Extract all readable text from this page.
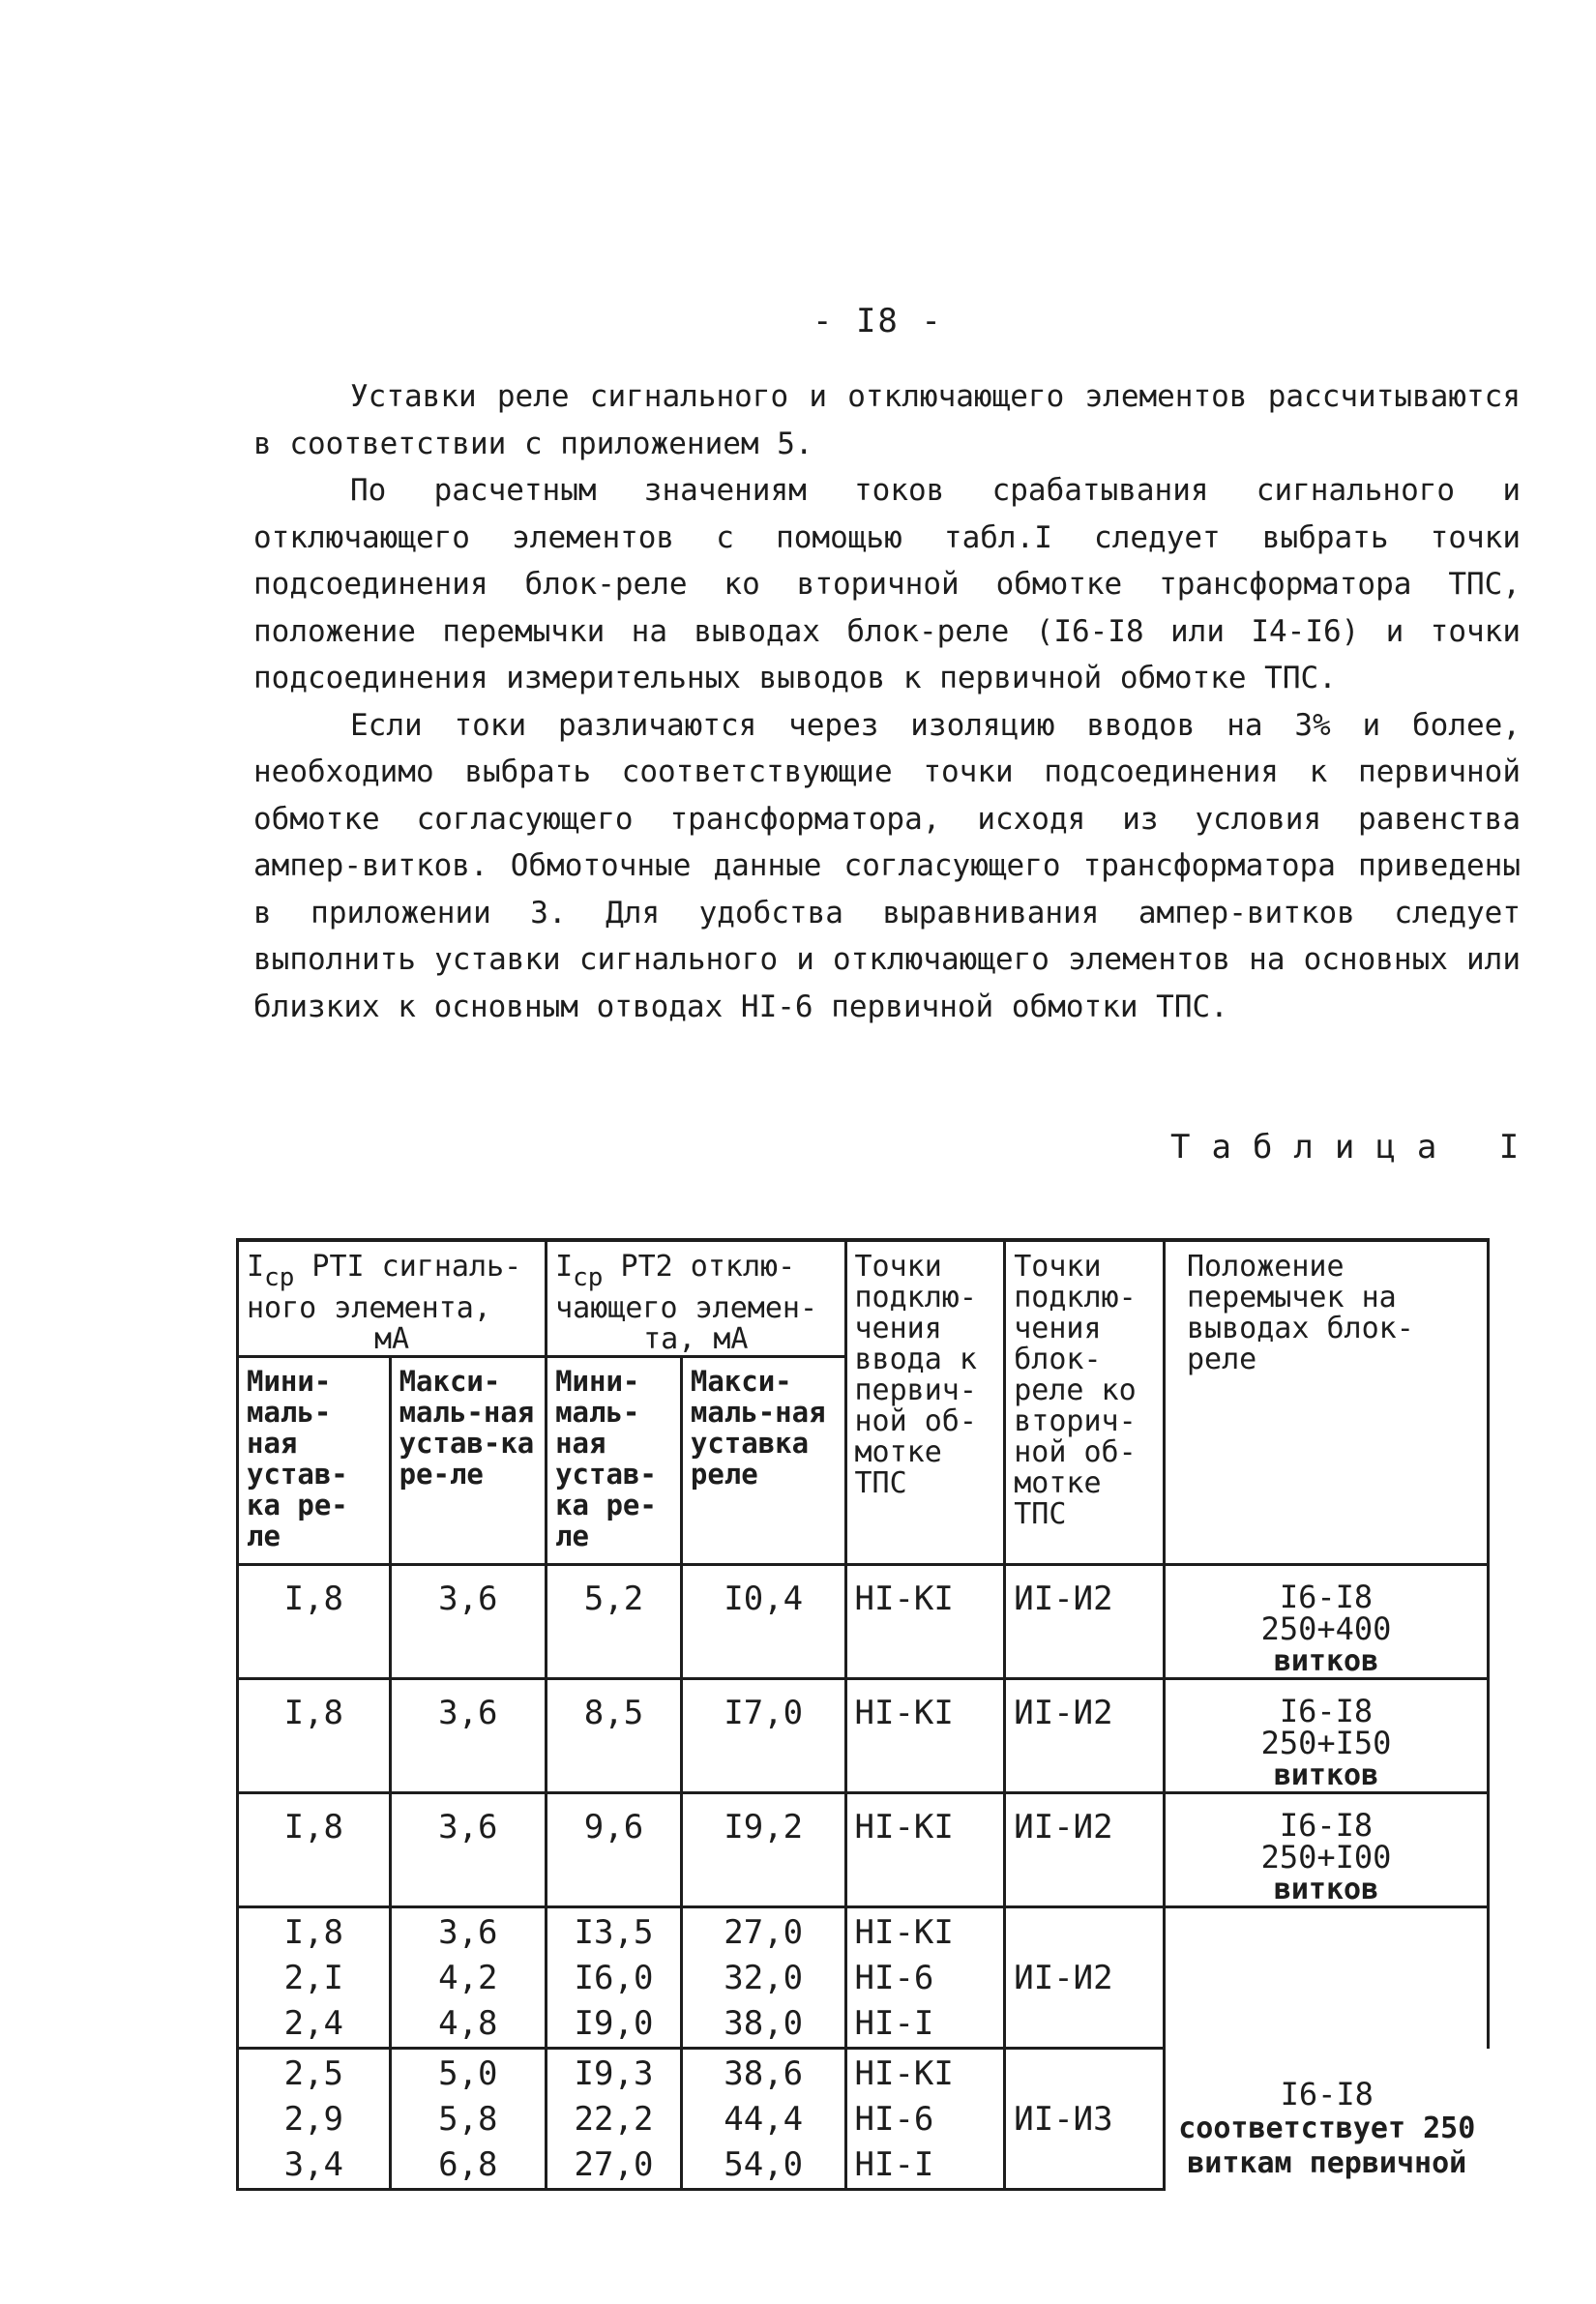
- I8 -

Уставки реле сигнального и отключающего элементов рассчитываются в соответствии с приложением 5.

По расчетным значениям токов срабатывания сигнального и отключающего элементов с помощью табл.I следует выбрать точки подсоединения блок-реле ко вторичной обмотке трансформатора ТПС, положение перемычки на выводах блок-реле (I6-I8 или I4-I6) и точки подсоединения измерительных выводов к первичной обмотке ТПС.

Если токи различаются через изоляцию вводов на 3% и более, необходимо выбрать соответствующие точки подсоединения к первичной обмотке согласующего трансформатора, исходя из условия равенства ампер-витков. Обмоточные данные согласующего трансформатора приведены в приложении 3. Для удобства выравнивания ампер-витков следует выполнить уставки сигнального и отключающего элементов на основных или близких к основным отводах HI-6 первичной обмотки ТПС.

Таблица I
Iср PTI сигналь-
ного элемента,
мА		Iср PT2 отклю-
чающего элемен-
та, мА		Точки подклю-чения ввода к первич-ной об-мотке ТПС	Точки подклю-чения блок-реле ко вторич-ной об-мотке ТПС	Положение перемычек на выводах блок-реле
Мини-маль-ная устав-ка ре-ле	Макси-маль-ная устав-ка ре-ле	Мини-маль-ная устав-ка ре-ле	Макси-маль-ная уставка реле			
I,8	3,6	5,2	I0,4	HI-KI	ИI-И2	I6-I8
250+400
витков

I,8	3,6	8,5	I7,0	HI-KI	ИI-И2	I6-I8
250+I50
витков

I,8	3,6	9,6	I9,2	HI-KI	ИI-И2	I6-I8
250+I00
витков

I,8
2,I
2,4	3,6
4,2
4,8	I3,5
I6,0
I9,0	27,0
32,0
38,0	HI-KI
HI-6
HI-I	ИI-И2	

2,5
2,9
3,4	5,0
5,8
6,8	I9,3
22,2
27,0	38,6
44,4
54,0	HI-KI
HI-6
HI-I	ИI-И3	I6-I8
соответствует 250
виткам первичной
